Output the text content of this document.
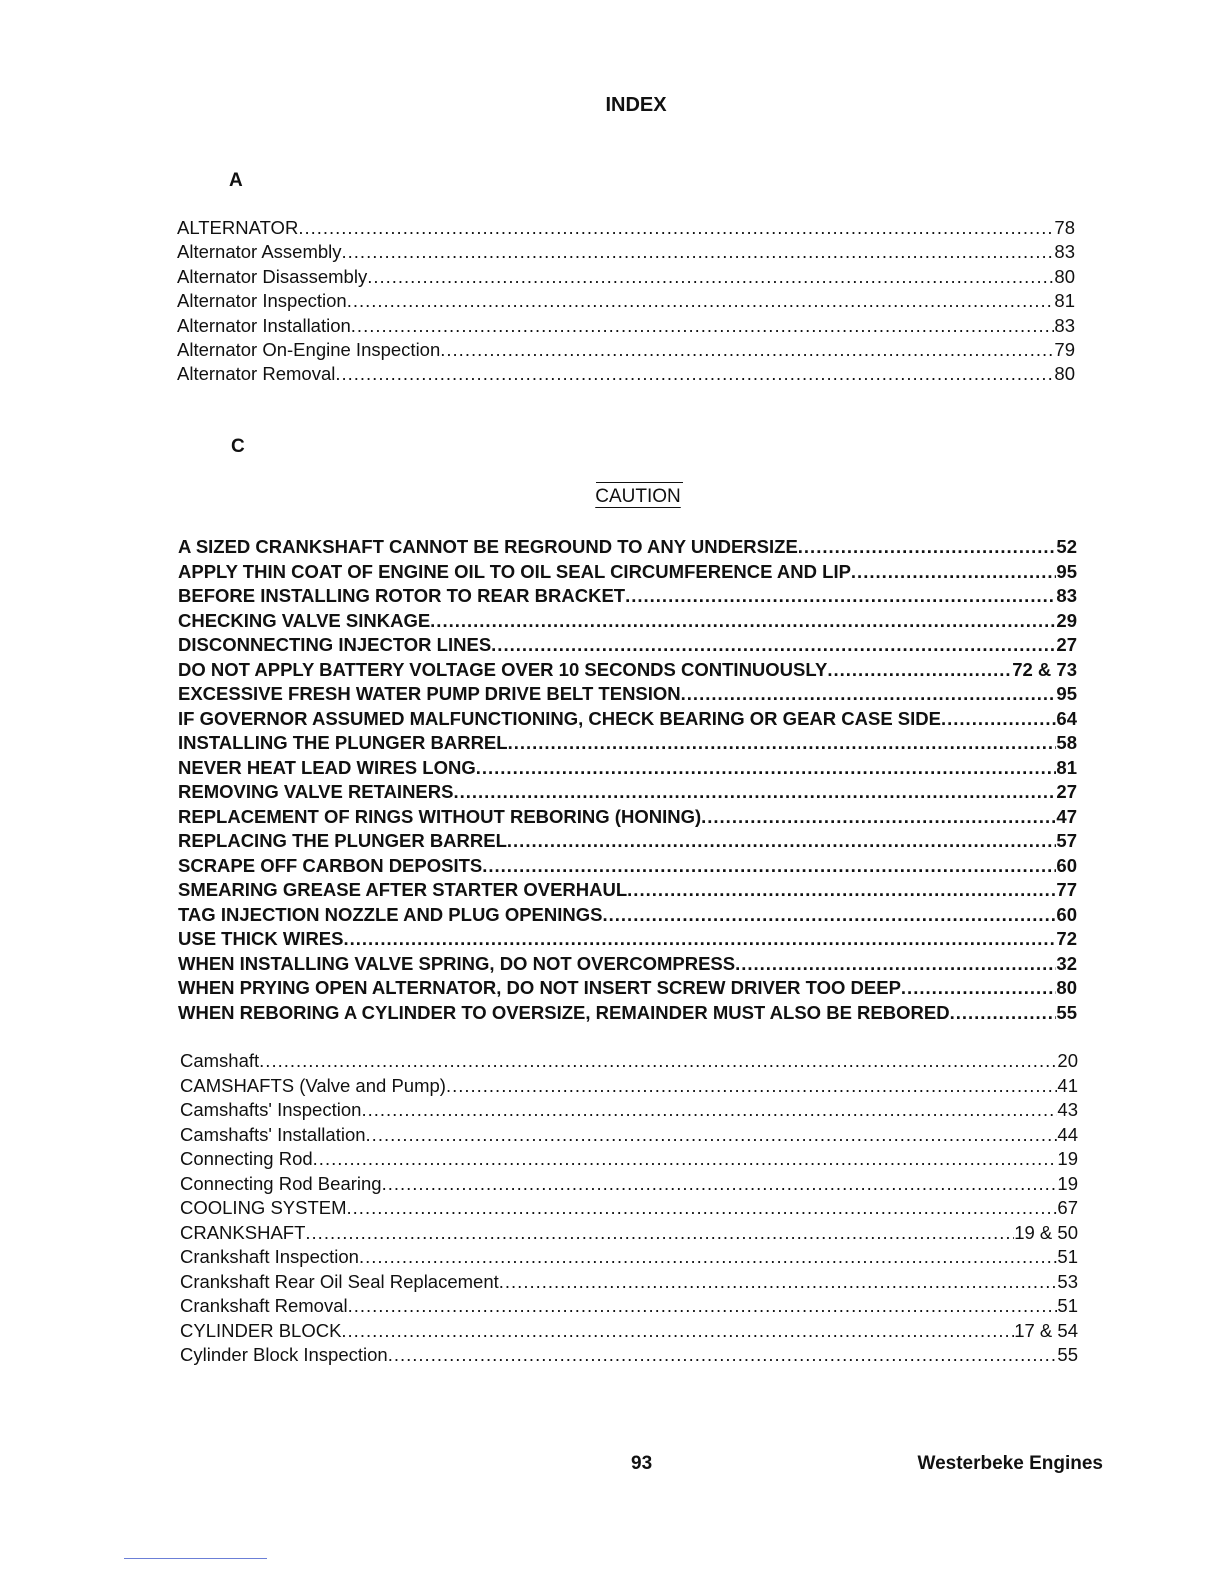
INDEX
A
ALTERNATOR .....	78
Alternator Assembly .....	83
Alternator Disassembly .....	80
Alternator Inspection .....	81
Alternator Installation .....	83
Alternator On-Engine Inspection .....	79
Alternator Removal .....	80
C
CAUTION
A SIZED CRANKSHAFT CANNOT BE REGROUND TO ANY UNDERSIZE .....	52
APPLY THIN COAT OF ENGINE OIL TO OIL SEAL CIRCUMFERENCE AND LIP .....	95
BEFORE INSTALLING ROTOR TO REAR BRACKET .....	83
CHECKING VALVE SINKAGE .....	29
DISCONNECTING INJECTOR LINES .....	27
DO NOT APPLY BATTERY VOLTAGE OVER 10 SECONDS CONTINUOUSLY .....	72 & 73
EXCESSIVE FRESH WATER PUMP DRIVE BELT TENSION .....	95
IF GOVERNOR ASSUMED MALFUNCTIONING, CHECK BEARING OR GEAR CASE SIDE .....	64
INSTALLING THE PLUNGER BARREL .....	58
NEVER HEAT LEAD WIRES LONG .....	81
REMOVING VALVE RETAINERS .....	27
REPLACEMENT OF RINGS WITHOUT REBORING (HONING) .....	47
REPLACING THE PLUNGER BARREL .....	57
SCRAPE OFF CARBON DEPOSITS .....	60
SMEARING GREASE AFTER STARTER OVERHAUL .....	77
TAG INJECTION NOZZLE AND PLUG OPENINGS .....	60
USE THICK WIRES .....	72
WHEN INSTALLING VALVE SPRING, DO NOT OVERCOMPRESS .....	32
WHEN PRYING OPEN ALTERNATOR, DO NOT INSERT SCREW DRIVER TOO DEEP .....	80
WHEN REBORING A CYLINDER TO OVERSIZE, REMAINDER MUST ALSO BE REBORED .....	55
Camshaft .....	20
CAMSHAFTS (Valve and Pump) .....	41
Camshafts' Inspection .....	43
Camshafts' Installation .....	44
Connecting Rod .....	19
Connecting Rod Bearing .....	19
COOLING SYSTEM .....	67
CRANKSHAFT .....	19 & 50
Crankshaft Inspection .....	51
Crankshaft Rear Oil Seal Replacement .....	53
Crankshaft Removal .....	51
CYLINDER BLOCK .....	17 & 54
Cylinder Block Inspection .....	55
93	Westerbeke Engines
